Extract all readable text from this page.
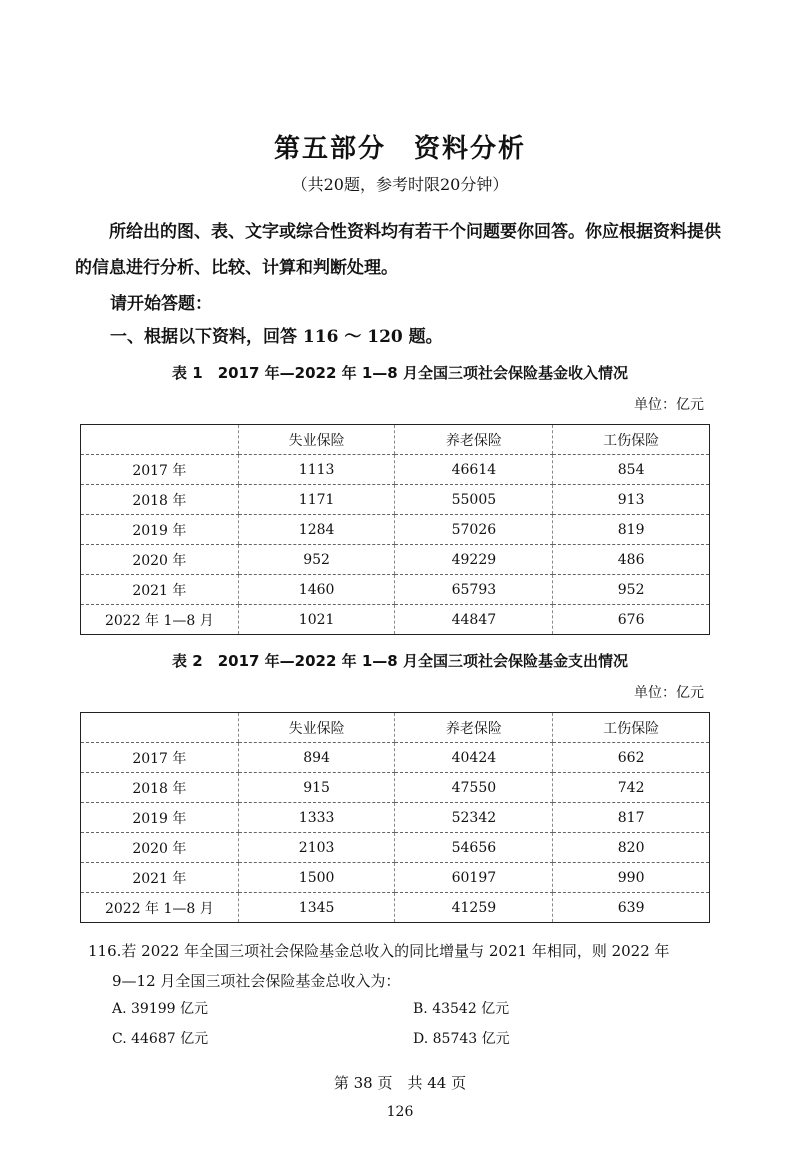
第五部分 资料分析
（共20题，参考时限20分钟）
所给出的图、表、文字或综合性资料均有若干个问题要你回答。你应根据资料提供的信息进行分析、比较、计算和判断处理。
请开始答题：
一、根据以下资料，回答 116 ～ 120 题。
表 1　2017 年—2022 年 1—8 月全国三项社会保险基金收入情况
单位：亿元
	失业保险	养老保险	工伤保险
2017 年	1113	46614	854
2018 年	1171	55005	913
2019 年	1284	57026	819
2020 年	952	49229	486
2021 年	1460	65793	952
2022 年 1—8 月	1021	44847	676
表 2　2017 年—2022 年 1—8 月全国三项社会保险基金支出情况
单位：亿元
	失业保险	养老保险	工伤保险
2017 年	894	40424	662
2018 年	915	47550	742
2019 年	1333	52342	817
2020 年	2103	54656	820
2021 年	1500	60197	990
2022 年 1—8 月	1345	41259	639
116.若 2022 年全国三项社会保险基金总收入的同比增量与 2021 年相同，则 2022 年
9—12 月全国三项社会保险基金总收入为：
A. 39199 亿元	B. 43542 亿元
C. 44687 亿元	D. 85743 亿元
第 38 页　共 44 页
126
